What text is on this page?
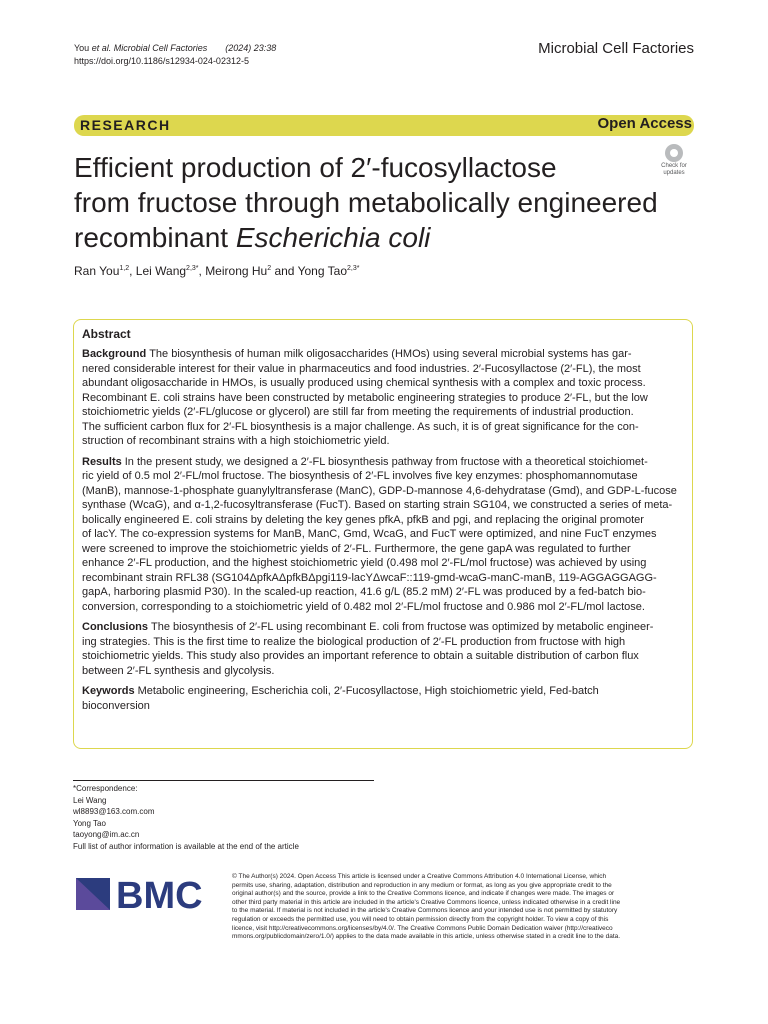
You et al. Microbial Cell Factories (2024) 23:38
https://doi.org/10.1186/s12934-024-02312-5
Microbial Cell Factories
RESEARCH	Open Access
Efficient production of 2′-fucosyllactose
from fructose through metabolically engineered
recombinant Escherichia coli
Check for
updates
Ran You$^{1,2}$, Lei Wang$^{2,3*}$, Meirong Hu$^2$ and Yong Tao$^{2,3*}$
Abstract
Background The biosynthesis of human milk oligosaccharides (HMOs) using several microbial systems has gar-
nered considerable interest for their value in pharmaceutics and food industries. 2′-Fucosyllactose (2′-FL), the most
abundant oligosaccharide in HMOs, is usually produced using chemical synthesis with a complex and toxic process.
Recombinant E. coli strains have been constructed by metabolic engineering strategies to produce 2′-FL, but the low
stoichiometric yields (2′-FL/glucose or glycerol) are still far from meeting the requirements of industrial production.
The sufficient carbon flux for 2′-FL biosynthesis is a major challenge. As such, it is of great significance for the con-
struction of recombinant strains with a high stoichiometric yield.
Results In the present study, we designed a 2′-FL biosynthesis pathway from fructose with a theoretical stoichiomet-
ric yield of 0.5 mol 2′-FL/mol fructose. The biosynthesis of 2′-FL involves five key enzymes: phosphomannomutase
(ManB), mannose-1-phosphate guanylyltransferase (ManC), GDP-D-mannose 4,6-dehydratase (Gmd), and GDP-L-fucose
synthase (WcaG), and α-1,2-fucosyltransferase (FucT). Based on starting strain SG104, we constructed a series of meta-
bolically engineered E. coli strains by deleting the key genes pfkA, pfkB and pgi, and replacing the original promoter
of lacY. The co-expression systems for ManB, ManC, Gmd, WcaG, and FucT were optimized, and nine FucT enzymes
were screened to improve the stoichiometric yields of 2′-FL. Furthermore, the gene gapA was regulated to further
enhance 2′-FL production, and the highest stoichiometric yield (0.498 mol 2′-FL/mol fructose) was achieved by using
recombinant strain RFL38 (SG104ΔpfkAΔpfkBΔpgi119-lacYΔwcaF::119-gmd-wcaG-manC-manB, 119-AGGAGGAGG-
gapA, harboring plasmid P30). In the scaled-up reaction, 41.6 g/L (85.2 mM) 2′-FL was produced by a fed-batch bio-
conversion, corresponding to a stoichiometric yield of 0.482 mol 2′-FL/mol fructose and 0.986 mol 2′-FL/mol lactose.
Conclusions The biosynthesis of 2′-FL using recombinant E. coli from fructose was optimized by metabolic engineer-
ing strategies. This is the first time to realize the biological production of 2′-FL production from fructose with high
stoichiometric yields. This study also provides an important reference to obtain a suitable distribution of carbon flux
between 2′-FL synthesis and glycolysis.
Keywords Metabolic engineering, Escherichia coli, 2′-Fucosyllactose, High stoichiometric yield, Fed-batch
bioconversion
*Correspondence:
Lei Wang
wl8893@163.com.com
Yong Tao
taoyong@im.ac.cn
Full list of author information is available at the end of the article
BMC	© The Author(s) 2024. Open Access This article is licensed under a Creative Commons Attribution 4.0 International License, which
permits use, sharing, adaptation, distribution and reproduction in any medium or format, as long as you give appropriate credit to the
original author(s) and the source, provide a link to the Creative Commons licence, and indicate if changes were made. The images or
other third party material in this article are included in the article's Creative Commons licence, unless indicated otherwise in a credit line
to the material. If material is not included in the article's Creative Commons licence and your intended use is not permitted by statutory
regulation or exceeds the permitted use, you will need to obtain permission directly from the copyright holder. To view a copy of this
licence, visit http://creativecommons.org/licenses/by/4.0/. The Creative Commons Public Domain Dedication waiver (http://creativeco
mmons.org/publicdomain/zero/1.0/) applies to the data made available in this article, unless otherwise stated in a credit line to the data.
